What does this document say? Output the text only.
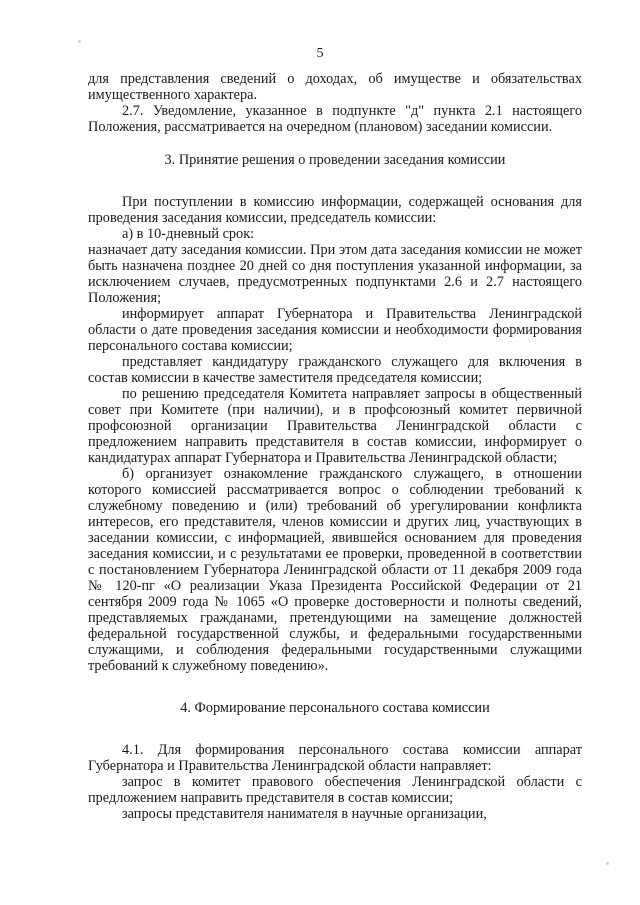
5

для представления сведений о доходах, об имуществе и обязательствах имущественного характера.

2.7. Уведомление, указанное в подпункте "д" пункта 2.1 настоящего Положения, рассматривается на очередном (плановом) заседании комиссии.

3. Принятие решения о проведении заседания комиссии

При поступлении в комиссию информации, содержащей основания для проведения заседания комиссии, председатель комиссии:

а) в 10-дневный срок:

назначает дату заседания комиссии. При этом дата заседания комиссии не может быть назначена позднее 20 дней со дня поступления указанной информации, за исключением случаев, предусмотренных подпунктами 2.6 и 2.7 настоящего Положения;

информирует аппарат Губернатора и Правительства Ленинградской области о дате проведения заседания комиссии и необходимости формирования персонального состава комиссии;

представляет кандидатуру гражданского служащего для включения в состав комиссии в качестве заместителя председателя комиссии;

по решению председателя Комитета направляет запросы в общественный совет при Комитете (при наличии), и в профсоюзный комитет первичной профсоюзной организации Правительства Ленинградской области с предложением направить представителя в состав комиссии, информирует о кандидатурах аппарат Губернатора и Правительства Ленинградской области;

б) организует ознакомление гражданского служащего, в отношении которого комиссией рассматривается вопрос о соблюдении требований к служебному поведению и (или) требований об урегулировании конфликта интересов, его представителя, членов комиссии и других лиц, участвующих в заседании комиссии, с информацией, явившейся основанием для проведения заседания комиссии, и с результатами ее проверки, проведенной в соответствии с постановлением Губернатора Ленинградской области от 11 декабря 2009 года № 120-пг «О реализации Указа Президента Российской Федерации от 21 сентября 2009 года № 1065 «О проверке достоверности и полноты сведений, представляемых гражданами, претендующими на замещение должностей федеральной государственной службы, и федеральными государственными служащими, и соблюдения федеральными государственными служащими требований к служебному поведению».

4. Формирование персонального состава комиссии

4.1. Для формирования персонального состава комиссии аппарат Губернатора и Правительства Ленинградской области направляет:

запрос в комитет правового обеспечения Ленинградской области с предложением направить представителя в состав комиссии;

запросы представителя нанимателя в научные организации,
